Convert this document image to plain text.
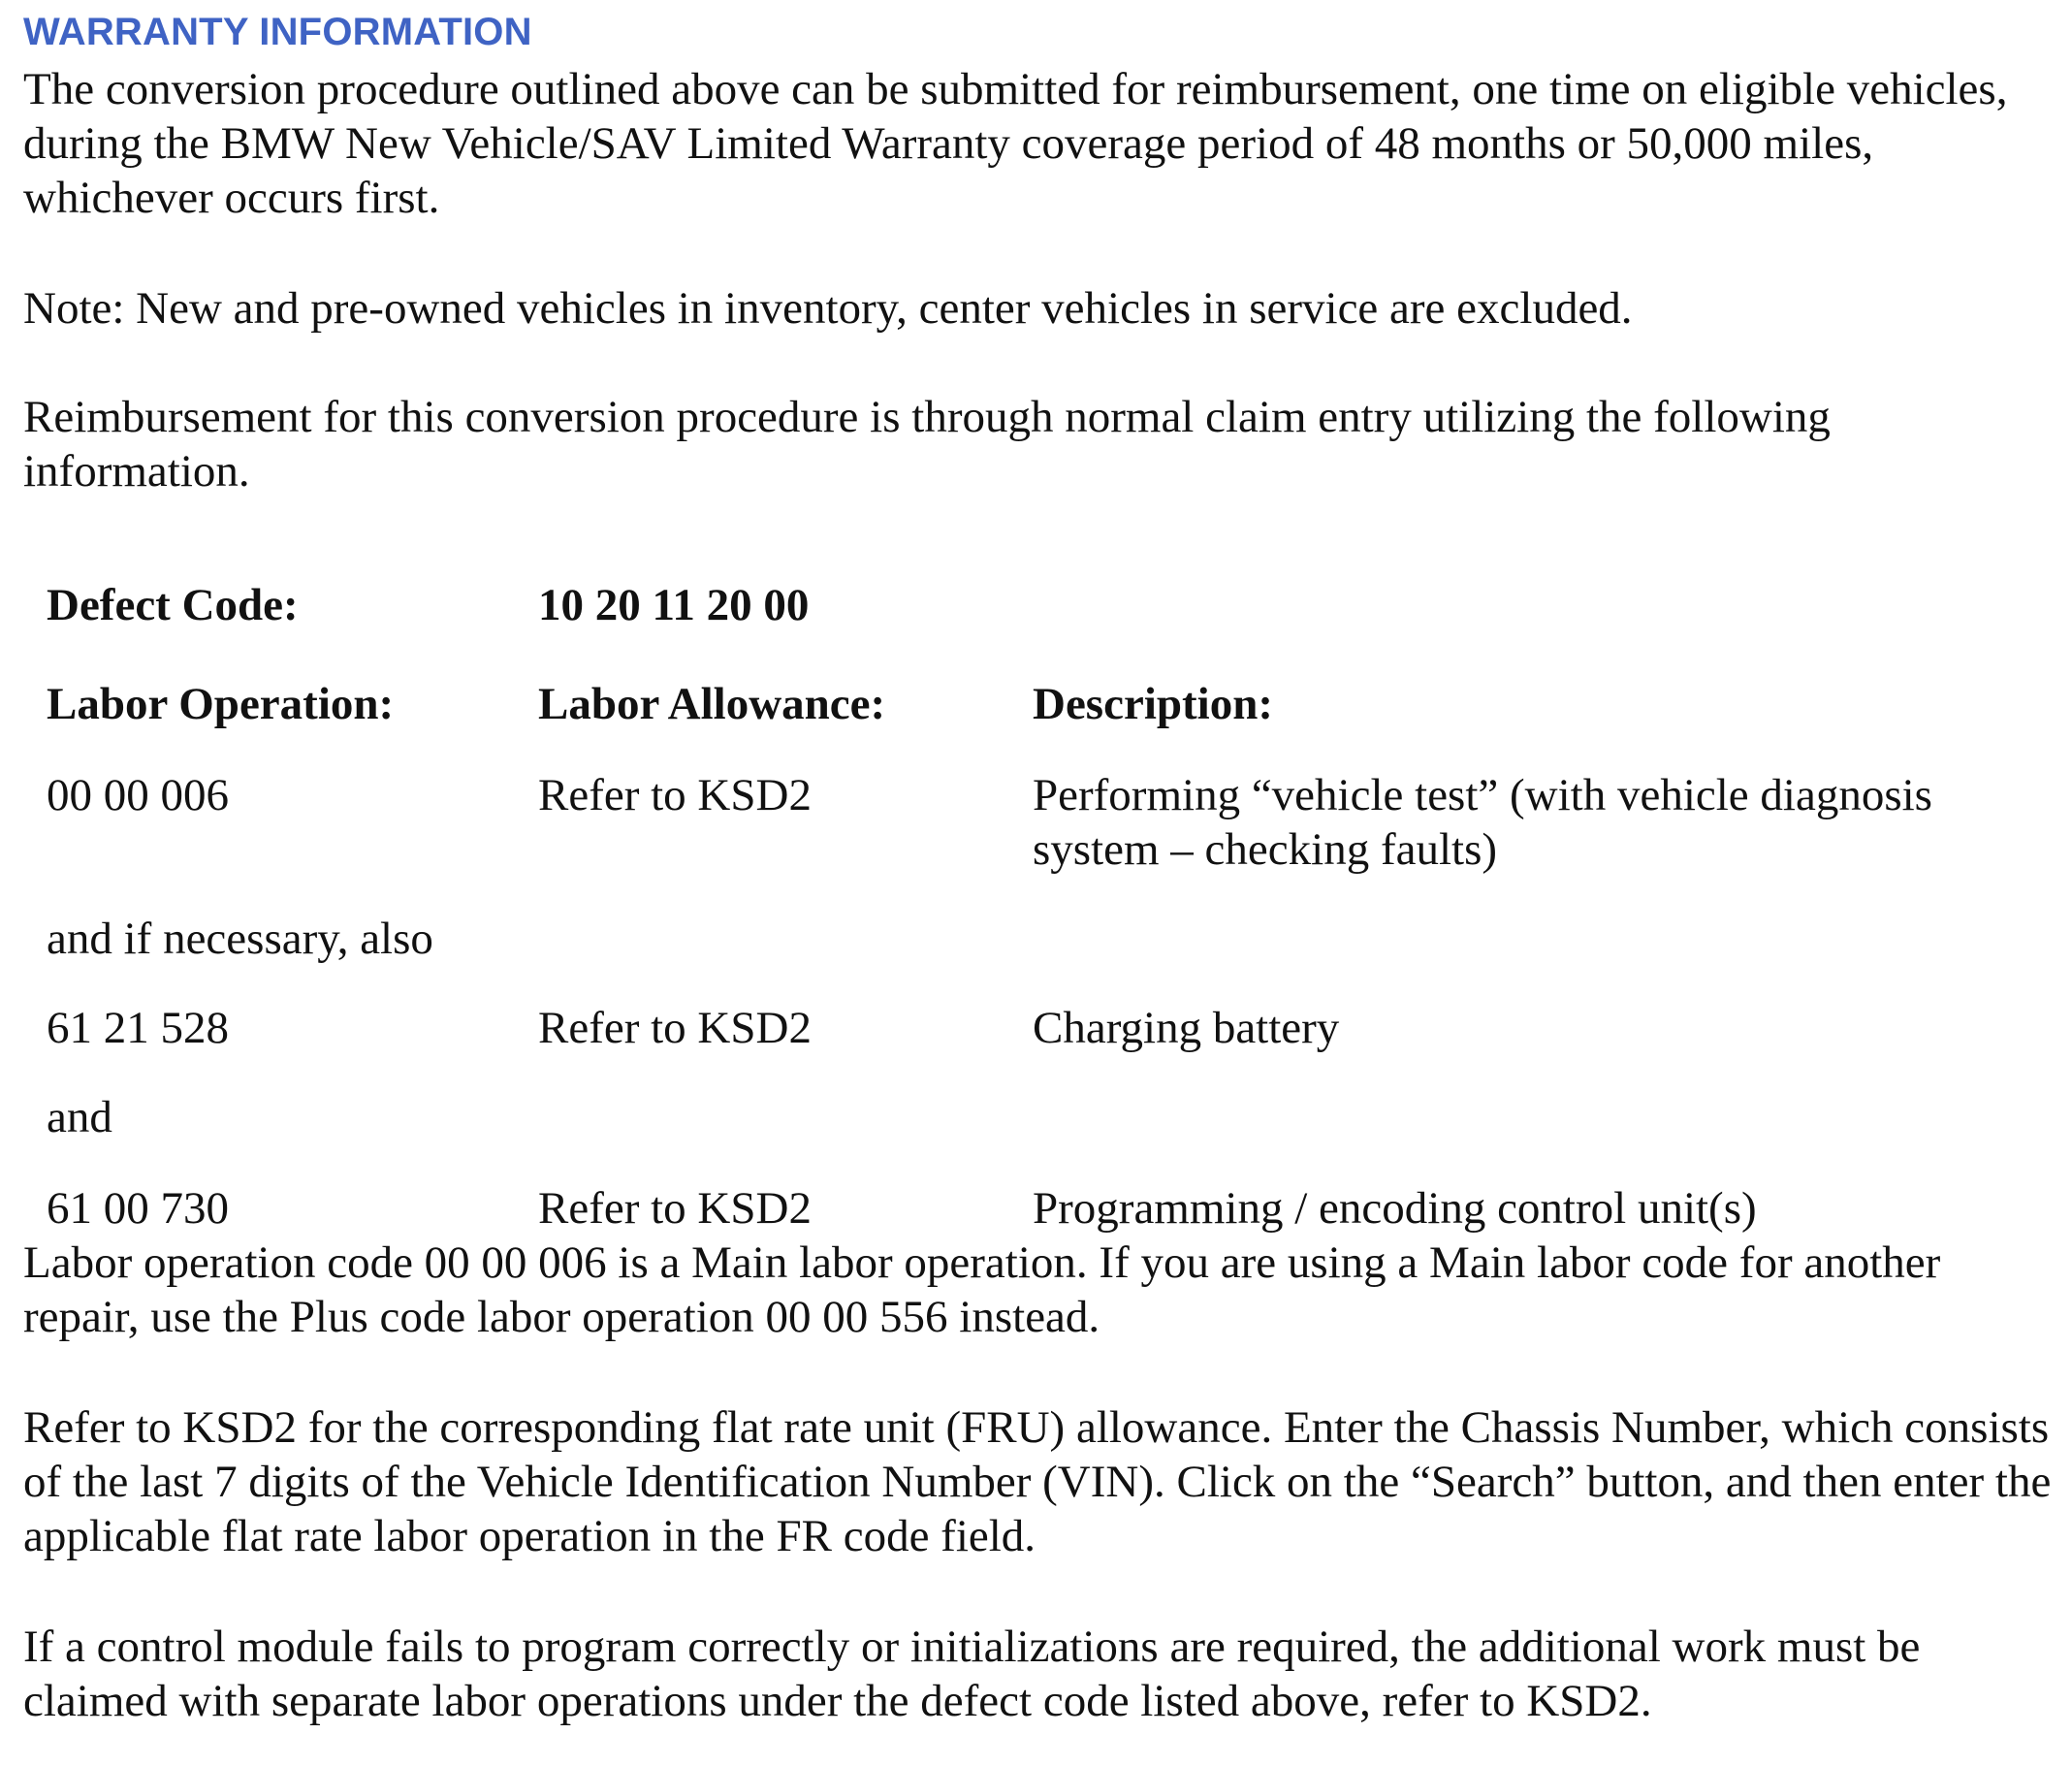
WARRANTY INFORMATION

The conversion procedure outlined above can be submitted for reimbursement, one time on eligible vehicles, during the BMW New Vehicle/SAV Limited Warranty coverage period of 48 months or 50,000 miles, whichever occurs first.

Note: New and pre-owned vehicles in inventory, center vehicles in service are excluded.

Reimbursement for this conversion procedure is through normal claim entry utilizing the following information.

Defect Code:	10 20 11 20 00
Labor Operation:	Labor Allowance:	Description:
00 00 006	Refer to KSD2	Performing “vehicle test” (with vehicle diagnosis system – checking faults)
and if necessary, also
61 21 528	Refer to KSD2	Charging battery
and
61 00 730	Refer to KSD2	Programming / encoding control unit(s)

Labor operation code 00 00 006 is a Main labor operation. If you are using a Main labor code for another repair, use the Plus code labor operation 00 00 556 instead.

Refer to KSD2 for the corresponding flat rate unit (FRU) allowance. Enter the Chassis Number, which consists of the last 7 digits of the Vehicle Identification Number (VIN). Click on the “Search” button, and then enter the applicable flat rate labor operation in the FR code field.

If a control module fails to program correctly or initializations are required, the additional work must be claimed with separate labor operations under the defect code listed above, refer to KSD2.
